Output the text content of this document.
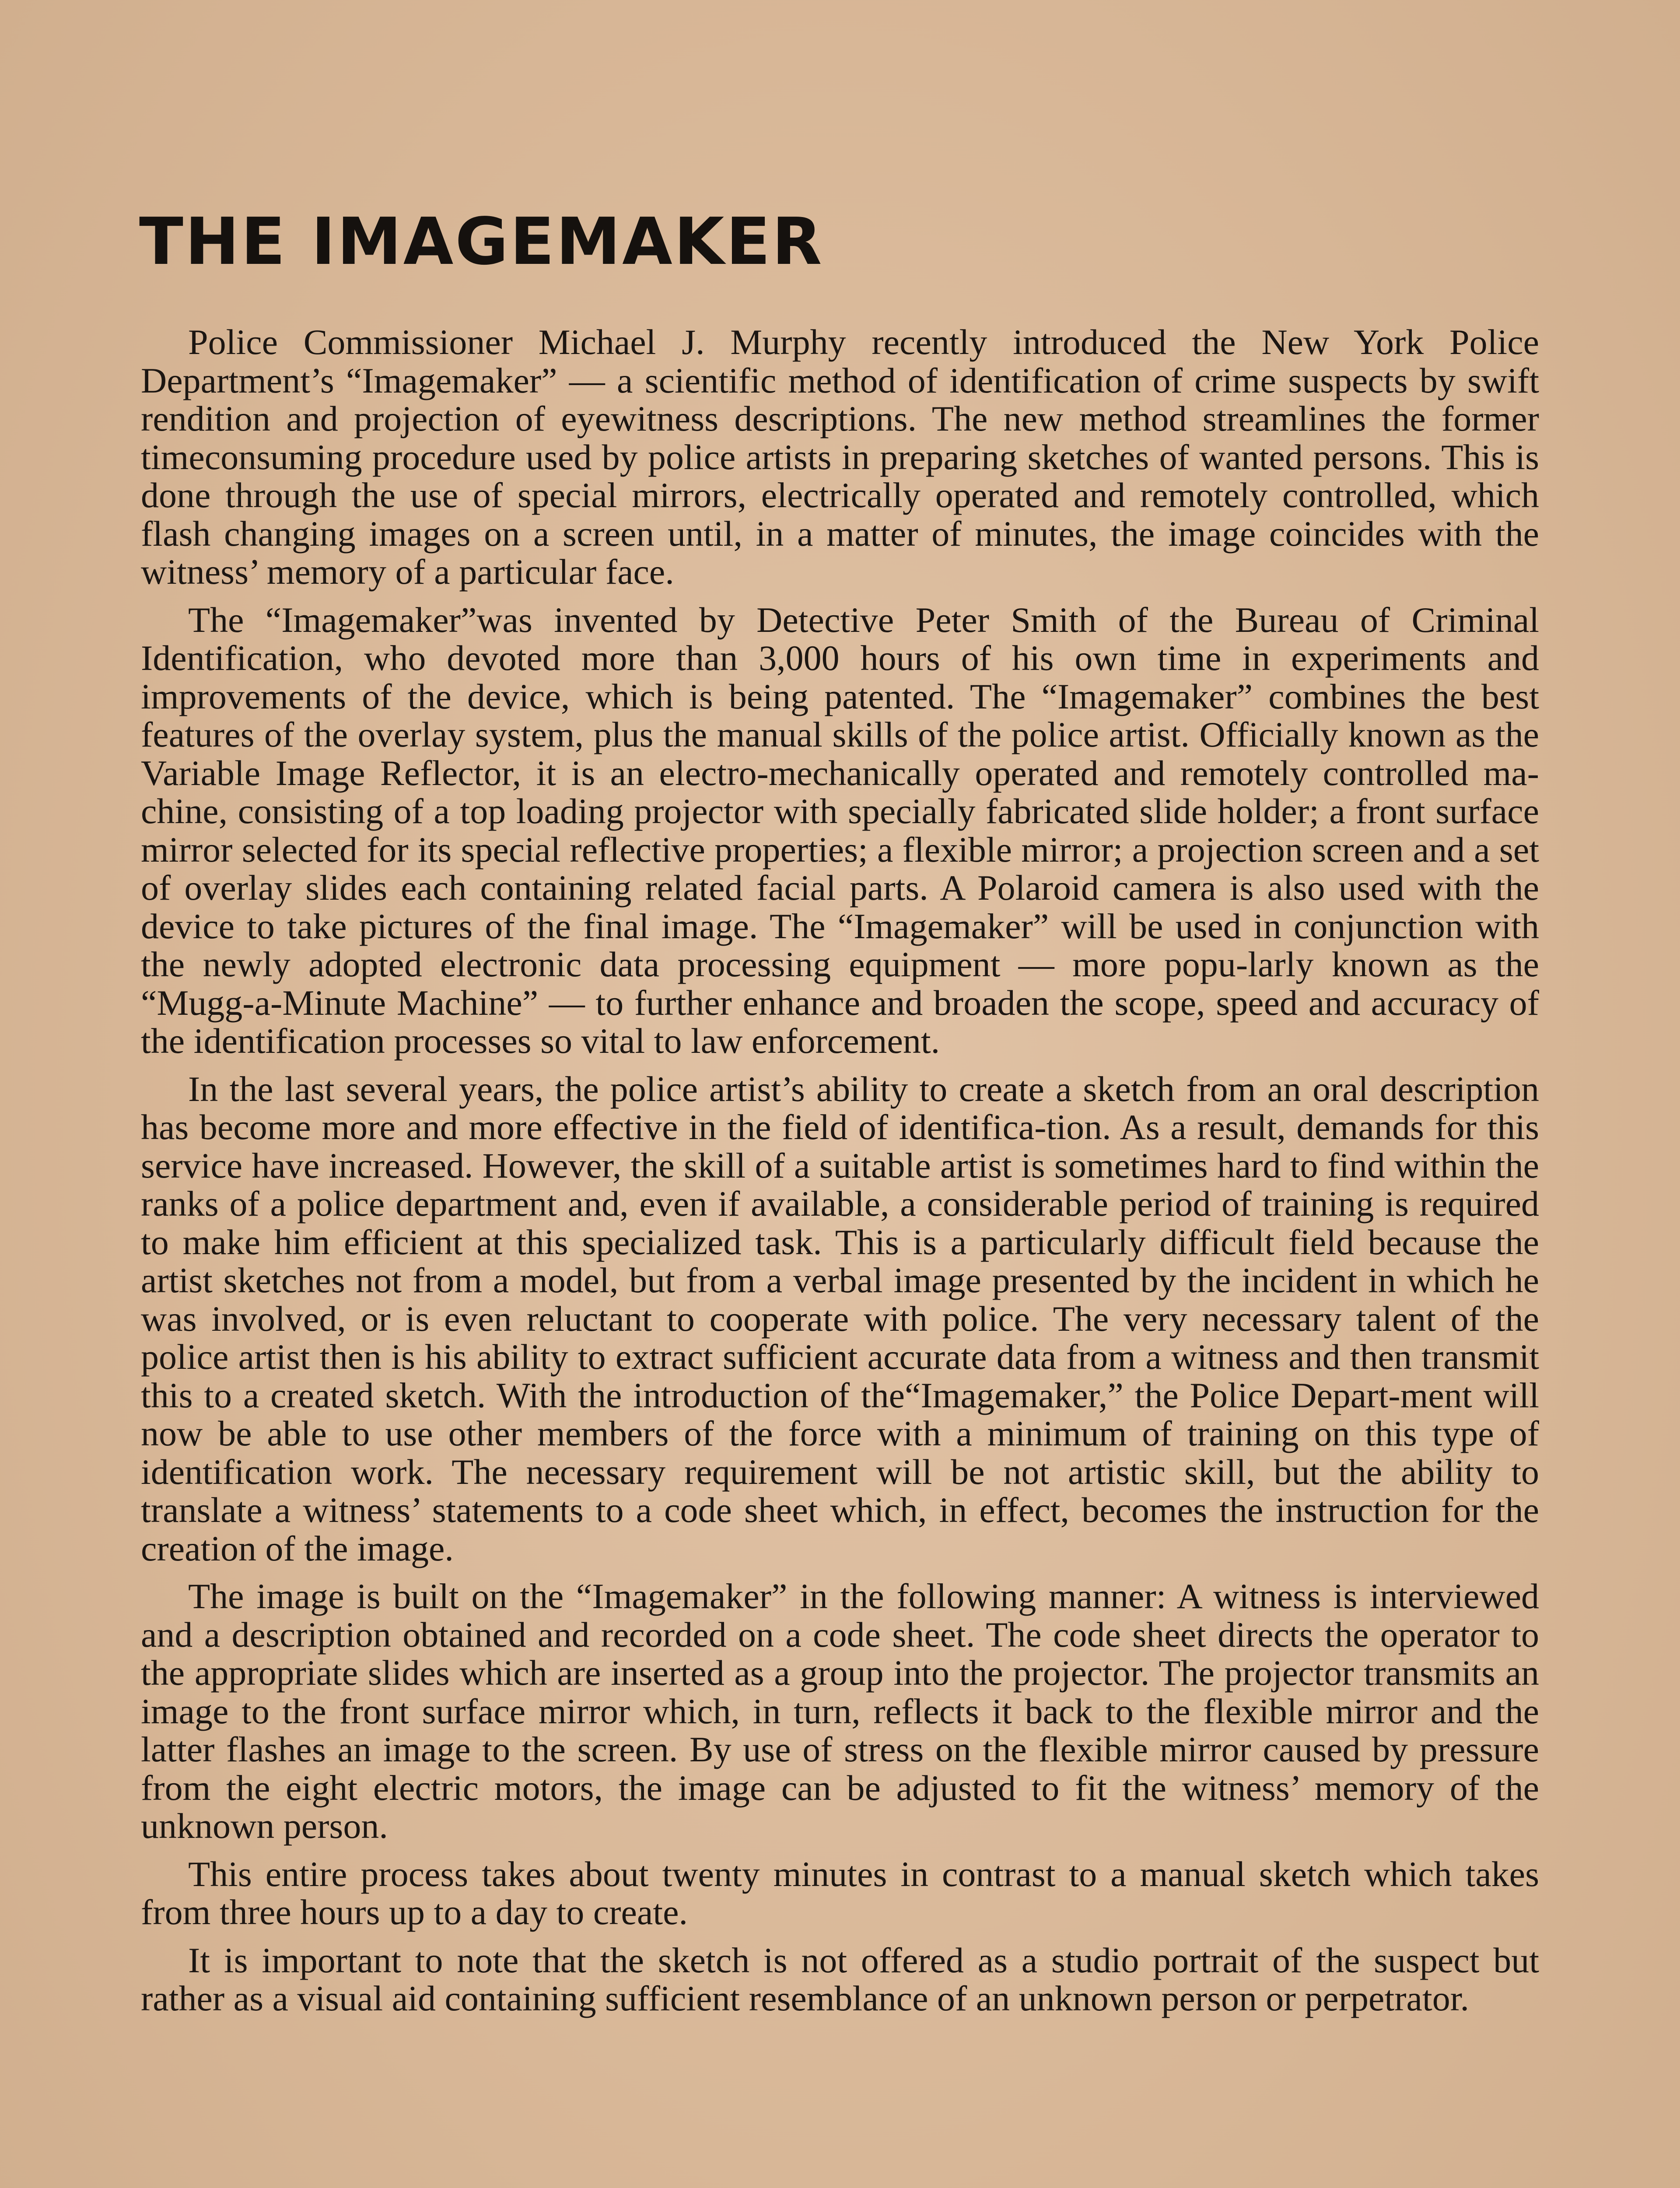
THE IMAGEMAKER

Police Commissioner Michael J. Murphy recently introduced the New York Police Department’s “Imagemaker” — a scientific method of identification of crime suspects by swift rendition and projection of eyewitness descriptions. The new method streamlines the former timeconsuming procedure used by police artists in preparing sketches of wanted persons. This is done through the use of special mirrors, electrically operated and remotely controlled, which flash changing images on a screen until, in a matter of minutes, the image coincides with the witness’ memory of a particular face.

The “Imagemaker”was invented by Detective Peter Smith of the Bureau of Criminal Identification, who devoted more than 3,000 hours of his own time in experiments and improvements of the device, which is being patented. The “Imagemaker” combines the best features of the overlay system, plus the manual skills of the police artist. Officially known as the Variable Image Reflector, it is an electro-mechanically operated and remotely controlled ma-chine, consisting of a top loading projector with specially fabricated slide holder; a front surface mirror selected for its special reflective properties; a flexible mirror; a projection screen and a set of overlay slides each containing related facial parts. A Polaroid camera is also used with the device to take pictures of the final image. The “Imagemaker” will be used in conjunction with the newly adopted electronic data processing equipment — more popu-larly known as the “Mugg-a-Minute Machine” — to further enhance and broaden the scope, speed and accuracy of the identification processes so vital to law enforcement.

In the last several years, the police artist’s ability to create a sketch from an oral description has become more and more effective in the field of identifica-tion. As a result, demands for this service have increased. However, the skill of a suitable artist is sometimes hard to find within the ranks of a police department and, even if available, a considerable period of training is required to make him efficient at this specialized task. This is a particularly difficult field because the artist sketches not from a model, but from a verbal image presented by the incident in which he was involved, or is even reluctant to cooperate with police. The very necessary talent of the police artist then is his ability to extract sufficient accurate data from a witness and then transmit this to a created sketch. With the introduction of the“Imagemaker,” the Police Depart-ment will now be able to use other members of the force with a minimum of training on this type of identification work. The necessary requirement will be not artistic skill, but the ability to translate a witness’ statements to a code sheet which, in effect, becomes the instruction for the creation of the image.

The image is built on the “Imagemaker” in the following manner: A witness is interviewed and a description obtained and recorded on a code sheet. The code sheet directs the operator to the appropriate slides which are inserted as a group into the projector. The projector transmits an image to the front surface mirror which, in turn, reflects it back to the flexible mirror and the latter flashes an image to the screen. By use of stress on the flexible mirror caused by pressure from the eight electric motors, the image can be adjusted to fit the witness’ memory of the unknown person.

This entire process takes about twenty minutes in contrast to a manual sketch which takes from three hours up to a day to create.

It is important to note that the sketch is not offered as a studio portrait of the suspect but rather as a visual aid containing sufficient resemblance of an unknown person or perpetrator.
